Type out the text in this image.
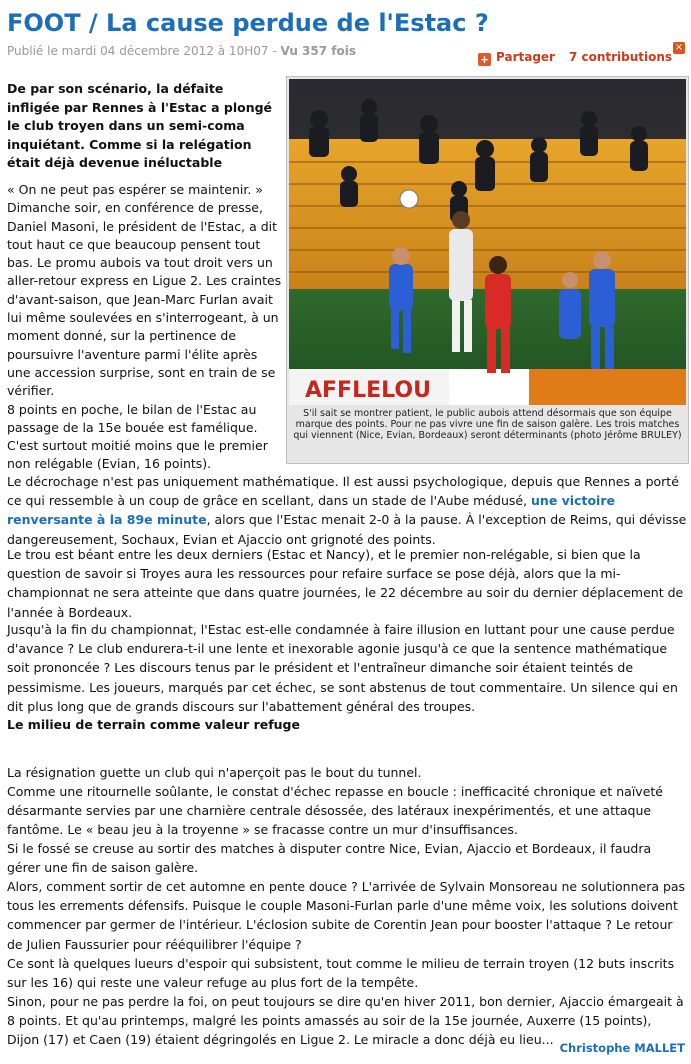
FOOT / La cause perdue de l'Estac ?
Publié le mardi 04 décembre 2012 à 10H07 - Vu 357 fois
+ Partager 7 contributions
×
AFFLELOU
S'il sait se montrer patient, le public aubois attend désormais que son équipe marque des points. Pour ne pas vivre une fin de saison galère. Les trois matches qui viennent (Nice, Evian, Bordeaux) seront déterminants (photo Jérôme BRULEY)

De par son scénario, la défaite infligée par Rennes à l'Estac a plongé le club troyen dans un semi-coma inquiétant. Comme si la relégation était déjà devenue inéluctable

« On ne peut pas espérer se maintenir. » Dimanche soir, en conférence de presse, Daniel Masoni, le président de l'Estac, a dit tout haut ce que beaucoup pensent tout bas. Le promu aubois va tout droit vers un aller-retour express en Ligue 2. Les craintes d'avant-saison, que Jean-Marc Furlan avait lui même soulevées en s'interrogeant, à un moment donné, sur la pertinence de poursuivre l'aventure parmi l'élite après une accession surprise, sont en train de se vérifier.
8 points en poche, le bilan de l'Estac au passage de la 15e bouée est famélique. C'est surtout moitié moins que le premier non relégable (Evian, 16 points).

Le décrochage n'est pas uniquement mathématique. Il est aussi psychologique, depuis que Rennes a porté ce qui ressemble à un coup de grâce en scellant, dans un stade de l'Aube médusé, une victoire renversante à la 89e minute, alors que l'Estac menait 2-0 à la pause. À l'exception de Reims, qui dévisse dangereusement, Sochaux, Evian et Ajaccio ont grignoté des points.

Le trou est béant entre les deux derniers (Estac et Nancy), et le premier non-relégable, si bien que la question de savoir si Troyes aura les ressources pour refaire surface se pose déjà, alors que la mi-championnat ne sera atteinte que dans quatre journées, le 22 décembre au soir du dernier déplacement de l'année à Bordeaux.

Jusqu'à la fin du championnat, l'Estac est-elle condamnée à faire illusion en luttant pour une cause perdue d'avance ? Le club endurera-t-il une lente et inexorable agonie jusqu'à ce que la sentence mathématique soit prononcée ? Les discours tenus par le président et l'entraîneur dimanche soir étaient teintés de pessimisme. Les joueurs, marqués par cet échec, se sont abstenus de tout commentaire. Un silence qui en dit plus long que de grands discours sur l'abattement général des troupes.

Le milieu de terrain comme valeur refuge

La résignation guette un club qui n'aperçoit pas le bout du tunnel.

Comme une ritournelle soûlante, le constat d'échec repasse en boucle : inefficacité chronique et naïveté désarmante servies par une charnière centrale désossée, des latéraux inexpérimentés, et une attaque fantôme. Le « beau jeu à la troyenne » se fracasse contre un mur d'insuffisances.

Si le fossé se creuse au sortir des matches à disputer contre Nice, Evian, Ajaccio et Bordeaux, il faudra gérer une fin de saison galère.

Alors, comment sortir de cet automne en pente douce ? L'arrivée de Sylvain Monsoreau ne solutionnera pas tous les errements défensifs. Puisque le couple Masoni-Furlan parle d'une même voix, les solutions doivent commencer par germer de l'intérieur. L'éclosion subite de Corentin Jean pour booster l'attaque ? Le retour de Julien Faussurier pour rééquilibrer l'équipe ?

Ce sont là quelques lueurs d'espoir qui subsistent, tout comme le milieu de terrain troyen (12 buts inscrits sur les 16) qui reste une valeur refuge au plus fort de la tempête.

Sinon, pour ne pas perdre la foi, on peut toujours se dire qu'en hiver 2011, bon dernier, Ajaccio émargeait à 8 points. Et qu'au printemps, malgré les points amassés au soir de la 15e journée, Auxerre (15 points), Dijon (17) et Caen (19) étaient dégringolés en Ligue 2. Le miracle a donc déjà eu lieu...

Christophe MALLET
